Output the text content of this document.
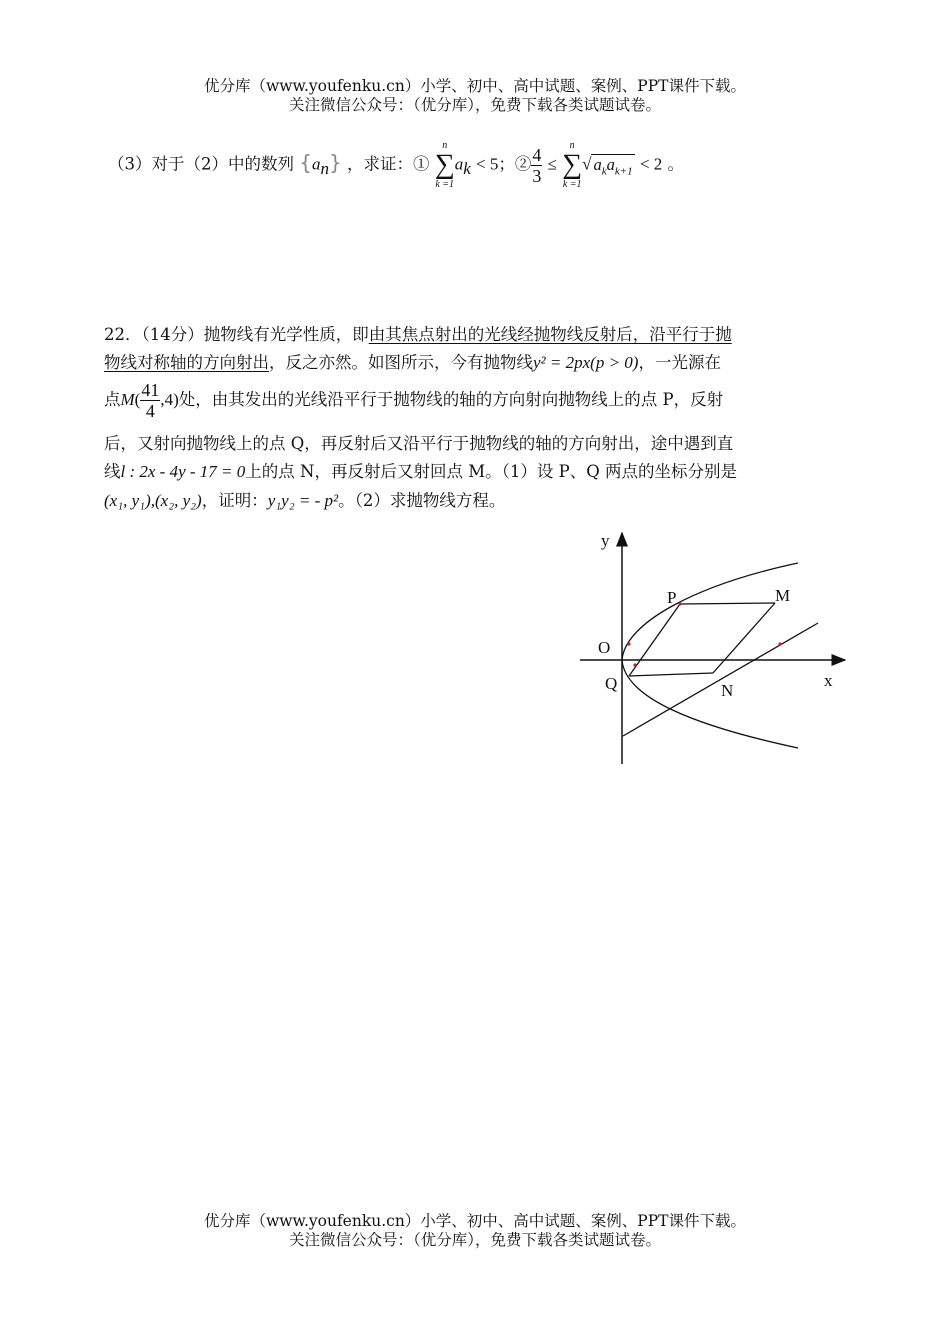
优分库（www.youfenku.cn）小学、初中、高中试题、案例、PPT课件下载。
关注微信公众号：（优分库），免费下载各类试题试卷。
（3）对于（2）中的数列 $\{a_n\}$ ，求证：①
n
∑
k =1
$a_k < 5$；② $\frac{4}{3}$ ≤
n
∑
k =1
√ $a_ka_{k+1} < 2$ 。
22．（14分）抛物线有光学性质，即由其焦点射出的光线经抛物线反射后，沿平行于抛
物线对称轴的方向射出，反之亦然。如图所示，今有抛物线y² = 2px(p > 0)，一光源在
点$M( \frac{41}{4} ,4)$处，由其发出的光线沿平行于抛物线的轴的方向射向抛物线上的点 P，反射
后，又射向抛物线上的点 Q，再反射后又沿平行于抛物线的轴的方向射出，途中遇到直
线l : 2x - 4y - 17 = 0上的点 N，再反射后又射回点 M。（1）设 P、Q 两点的坐标分别是
(x₁, y₁),(x₂, y₂)，证明：y₁y₂ = - p²。（2）求抛物线方程。
y
x
O
P	M
Q	N
优分库（www.youfenku.cn）小学、初中、高中试题、案例、PPT课件下载。
关注微信公众号：（优分库），免费下载各类试题试卷。
